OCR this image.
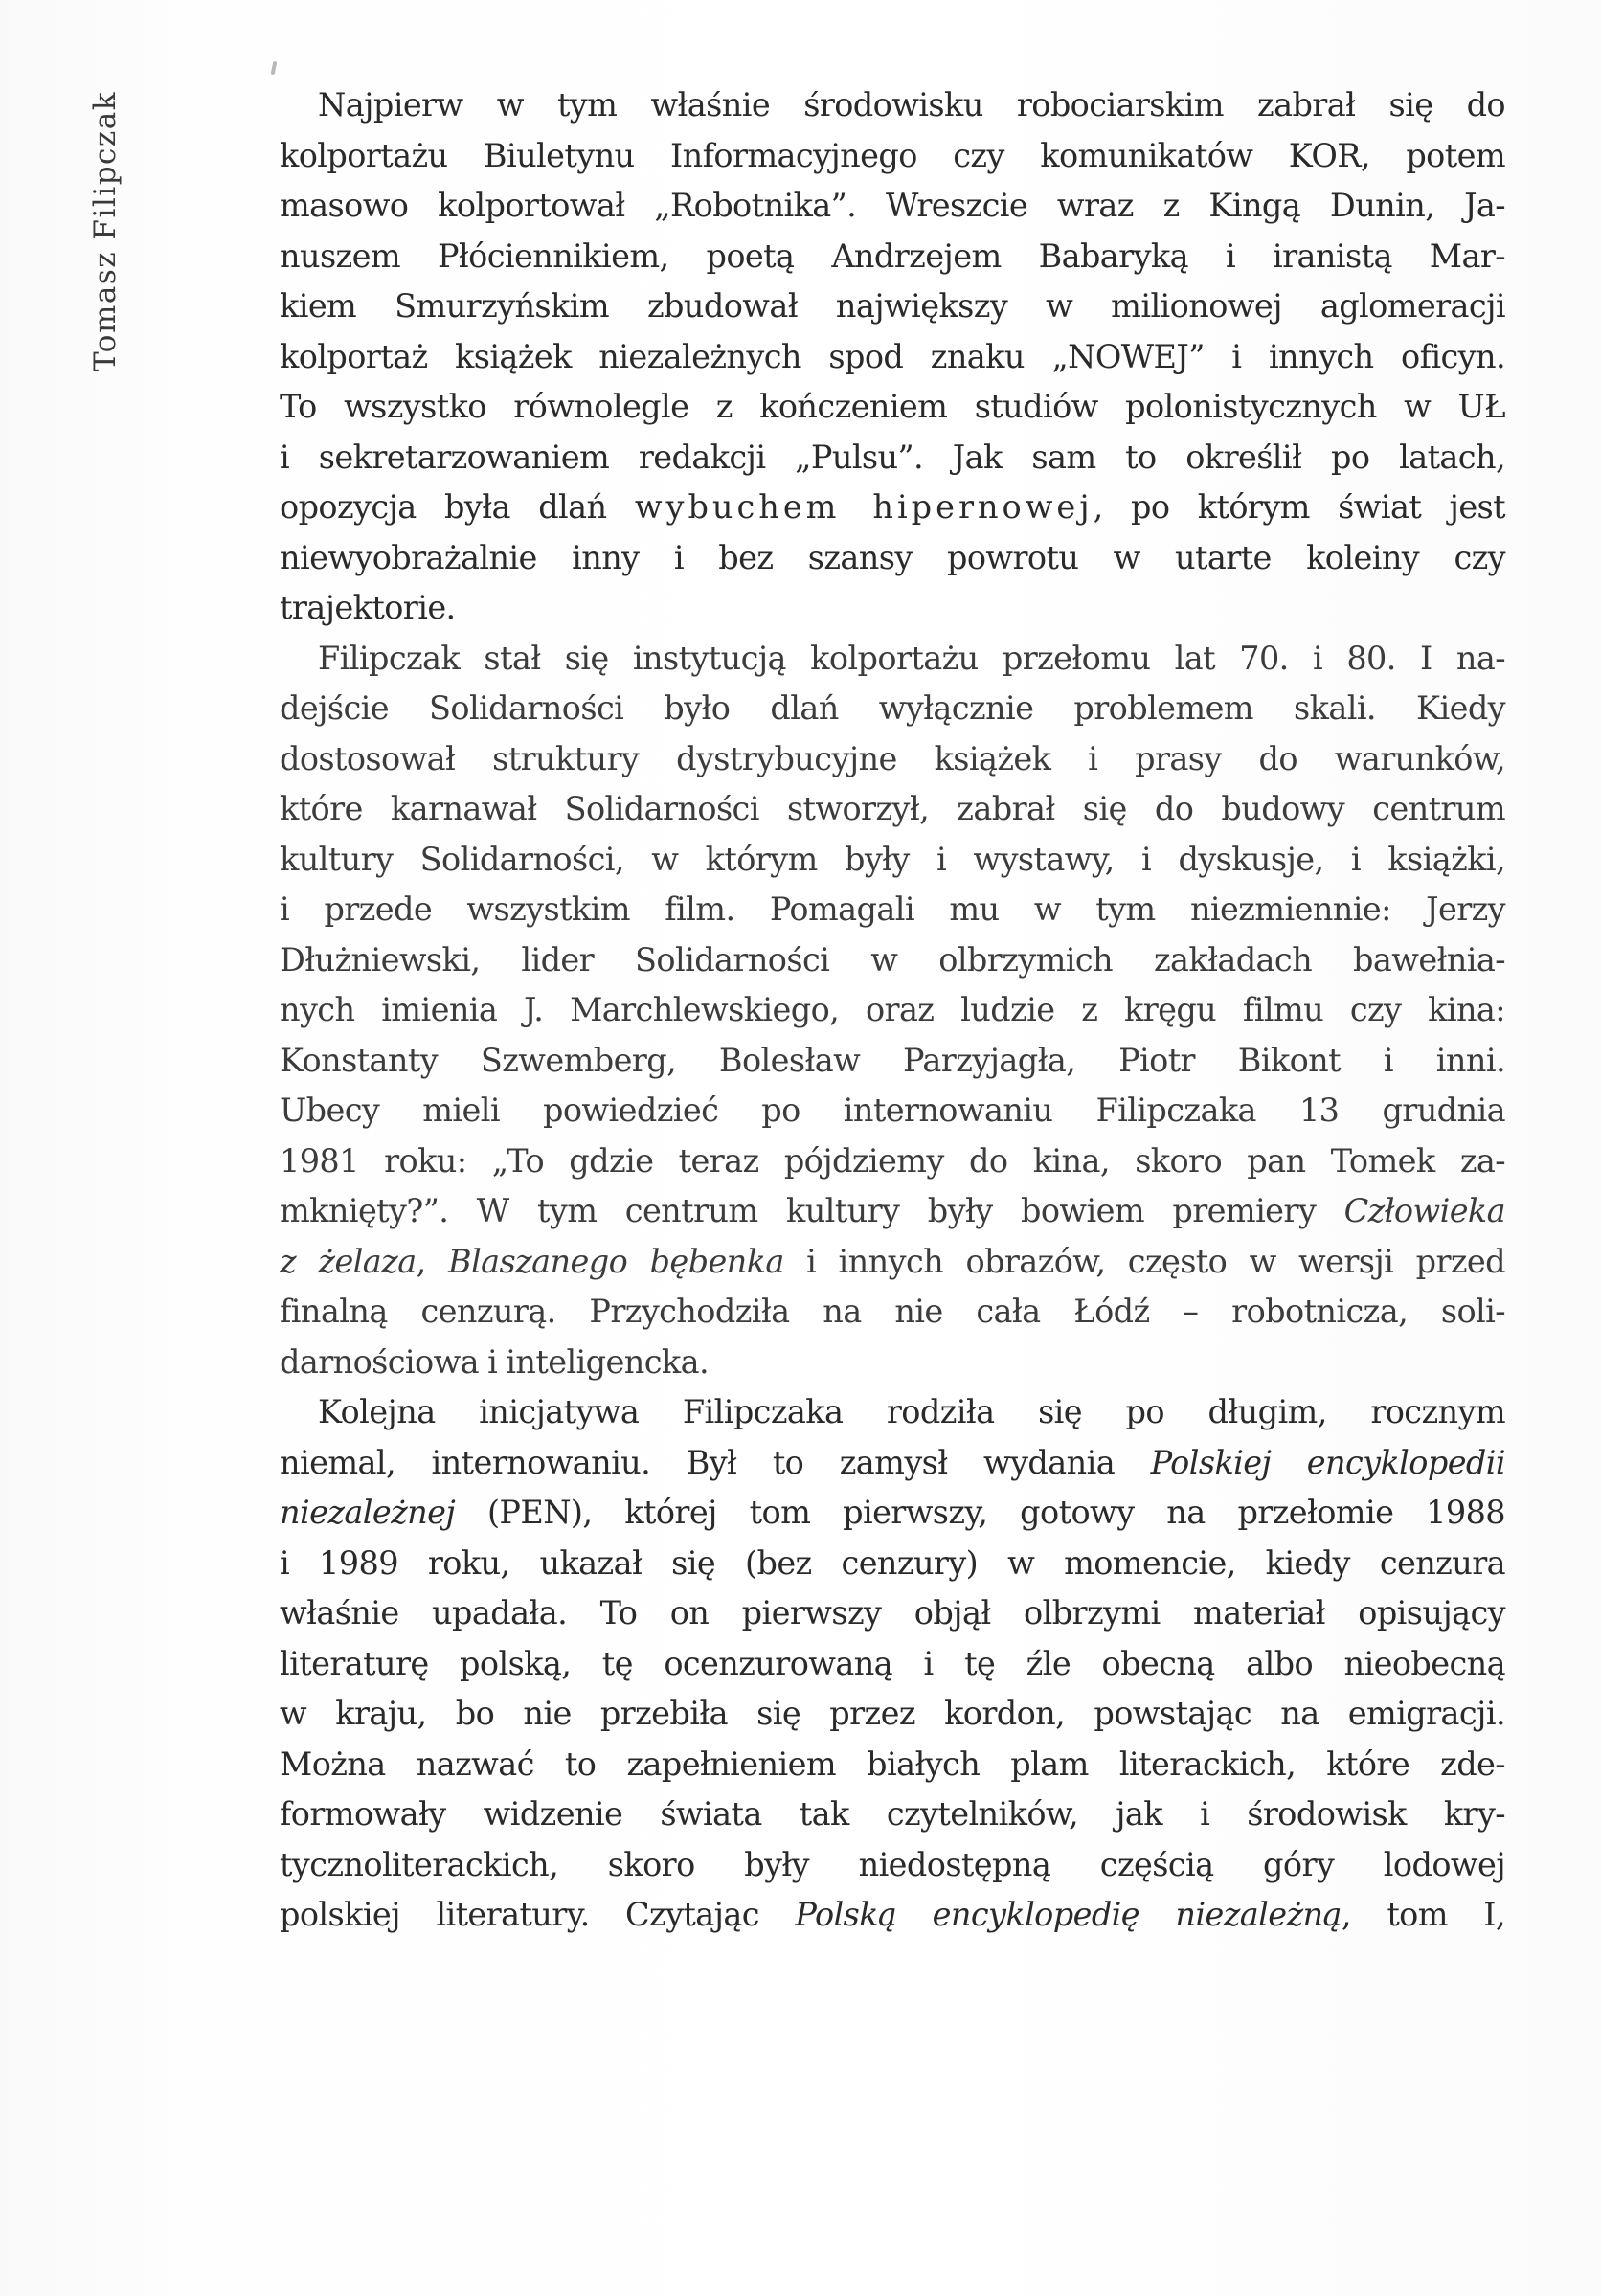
Tomasz Filipczak	Najpierw w tym właśnie środowisku robociarskim zabrał się do
kolportażu Biuletynu Informacyjnego czy komunikatów KOR, potem
masowo kolportował „Robotnika”. Wreszcie wraz z Kingą Dunin, Ja-
nuszem Płóciennikiem, poetą Andrzejem Babaryką i iranistą Mar-
kiem Smurzyńskim zbudował największy w milionowej aglomeracji
kolportaż książek niezależnych spod znaku „NOWEJ” i innych oficyn.
To wszystko równolegle z kończeniem studiów polonistycznych w UŁ
i sekretarzowaniem redakcji „Pulsu”. Jak sam to określił po latach,
opozycja była dlań wybuchem hipernowej, po którym świat jest
niewyobrażalnie inny i bez szansy powrotu w utarte koleiny czy
trajektorie.
Filipczak stał się instytucją kolportażu przełomu lat 70. i 80. I na-
dejście Solidarności było dlań wyłącznie problemem skali. Kiedy
dostosował struktury dystrybucyjne książek i prasy do warunków,
które karnawał Solidarności stworzył, zabrał się do budowy centrum
kultury Solidarności, w którym były i wystawy, i dyskusje, i książki,
i przede wszystkim film. Pomagali mu w tym niezmiennie: Jerzy
Dłużniewski, lider Solidarności w olbrzymich zakładach bawełnia-
nych imienia J. Marchlewskiego, oraz ludzie z kręgu filmu czy kina:
Konstanty Szwemberg, Bolesław Parzyjagła, Piotr Bikont i inni.
Ubecy mieli powiedzieć po internowaniu Filipczaka 13 grudnia
1981 roku: „To gdzie teraz pójdziemy do kina, skoro pan Tomek za-
mknięty?”. W tym centrum kultury były bowiem premiery Człowieka
z żelaza, Blaszanego bębenka i innych obrazów, często w wersji przed
finalną cenzurą. Przychodziła na nie cała Łódź – robotnicza, soli-
darnościowa i inteligencka.
Kolejna inicjatywa Filipczaka rodziła się po długim, rocznym
niemal, internowaniu. Był to zamysł wydania Polskiej encyklopedii
niezależnej (PEN), której tom pierwszy, gotowy na przełomie 1988
i 1989 roku, ukazał się (bez cenzury) w momencie, kiedy cenzura
właśnie upadała. To on pierwszy objął olbrzymi materiał opisujący
literaturę polską, tę ocenzurowaną i tę źle obecną albo nieobecną
w kraju, bo nie przebiła się przez kordon, powstając na emigracji.
Można nazwać to zapełnieniem białych plam literackich, które zde-
formowały widzenie świata tak czytelników, jak i środowisk kry-
tycznoliterackich, skoro były niedostępną częścią góry lodowej
polskiej literatury. Czytając Polską encyklopedię niezależną, tom I,
